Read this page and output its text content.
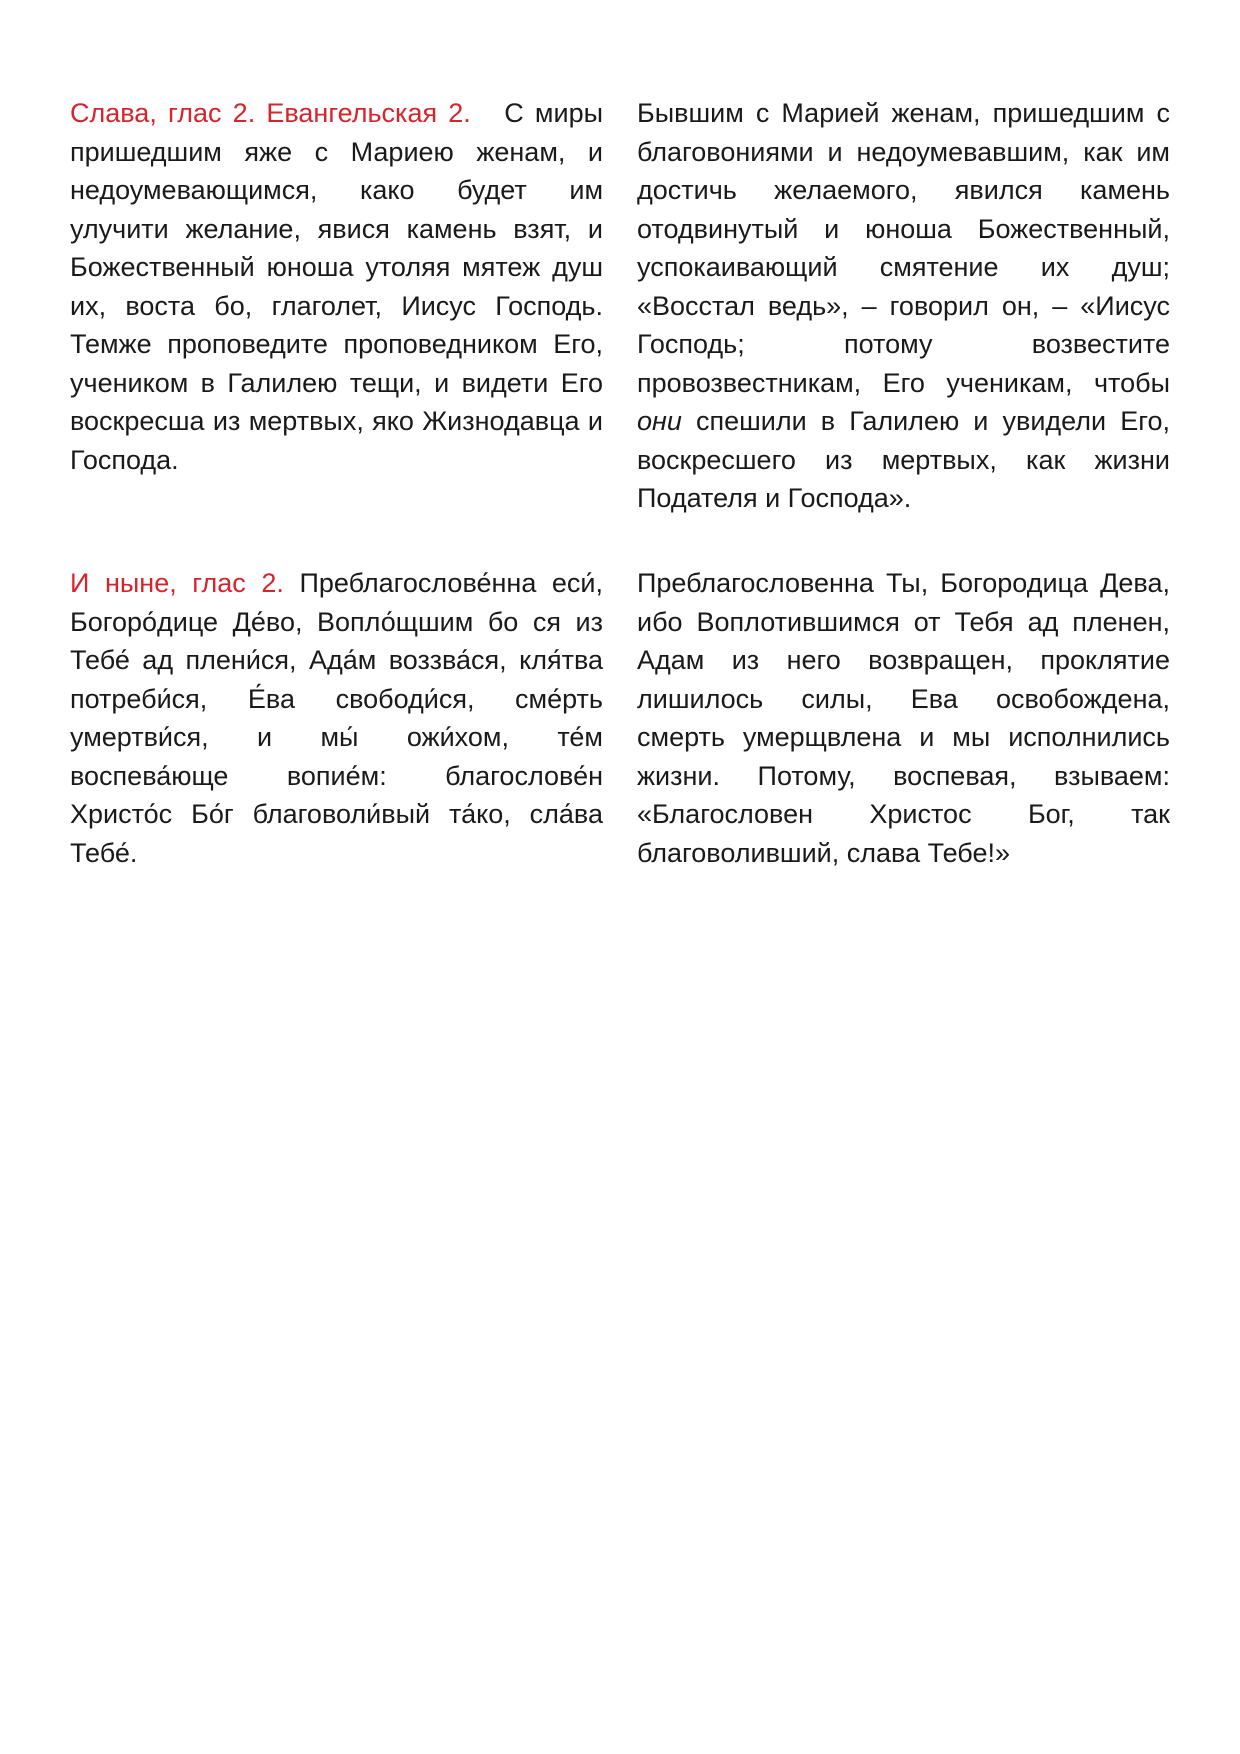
Слава, глас 2. Евангельская 2. С миры пришедшим яже с Мариею женам, и недоумевающимся, како будет им улучити желание, явися камень взят, и Божественный юноша утоляя мятеж душ их, воста бо, глаголет, Иисус Господь. Темже проповедите проповедником Его, учеником в Галилею тещи, и видети Его воскресша из мертвых, яко Жизнодавца и Господа.

Бывшим с Марией женам, пришедшим с благовониями и недоумевавшим, как им достичь желаемого, явился камень отодвинутый и юноша Божественный, успокаивающий смятение их душ; «Восстал ведь», – говорил он, – «Иисус Господь; потому возвестите провозвестникам, Его ученикам, чтобы они спешили в Галилею и увидели Его, воскресшего из мертвых, как жизни Подателя и Господа».

И ныне, глас 2. Преблагослове́нна еси́, Богоро́дице Де́во, Вопло́щшим бо ся из Тебе́ ад плени́ся, Ада́м воззва́ся, кля́тва потреби́ся, Е́ва свободи́ся, сме́рть умертви́ся, и мы́ ожи́хом, те́м воспева́юще вопие́м: благослове́н Христо́с Бо́г благоволи́вый та́ко, сла́ва Тебе́.

Преблагословенна Ты, Богородица Дева, ибо Воплотившимся от Тебя ад пленен, Адам из него возвращен, проклятие лишилось силы, Ева освобождена, смерть умерщвлена и мы исполнились жизни. Потому, воспевая, взываем: «Благословен Христос Бог, так благоволивший, слава Тебе!»
